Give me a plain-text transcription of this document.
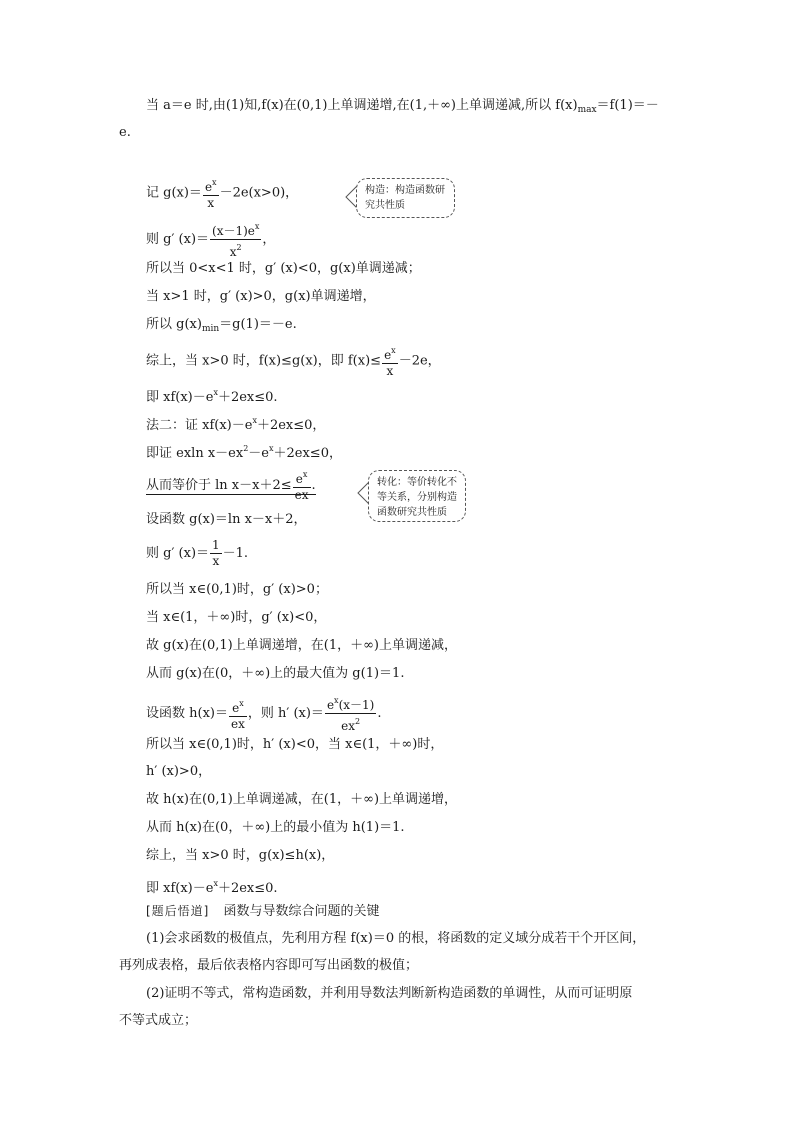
当 a＝e 时,由(1)知,f(x)在(0,1)上单调递增,在(1,＋∞)上单调递减,所以 $f(x)_{max}=f(1)=-$
e.
记 $g(x)= \frac{e^x}{x} -2e(x>0)$，	构造：构造函数研
究共性质
则 g′ $(x)= \frac{(x-1)e^x}{x^2}$ ，
所以当 0<x<1 时，g′ (x)<0，g(x)单调递减；
当 x>1 时，g′ (x)>0，g(x)单调递增，
所以 $g(x)_{min}=g(1)=-e$.
综上，当 x>0 时，f(x)≤g(x)，即 $f(x)\le \frac{e^x}{x} -2e$，
即 $xf(x)-e^x+2ex\le 0$.
法二：证 $xf(x)-e^x+2ex\le 0$，
即证 exln $x-ex^2-e^x+2ex\le 0$，
从而等价于 $\ln x-x+2\le \frac{e^x}{ex}$ .	转化：等价转化不
等关系，分别构造
函数研究共性质
设函数 g(x)＝ln x－x＋2，
则 g′ $(x)= \frac{1}{x} -1$.
所以当 x∈(0,1)时，g′ (x)>0；
当 x∈(1，＋∞)时，g′ (x)<0，
故 g(x)在(0,1)上单调递增，在(1，＋∞)上单调递减，
从而 g(x)在(0，＋∞)上的最大值为 g(1)＝1.
设函数 $h(x)= \frac{e^x}{ex}$ ，则 h′ $(x)= \frac{e^x(x-1)}{ex^2}$ .
所以当 x∈(0,1)时，h′ (x)<0，当 x∈(1，＋∞)时，
h′ (x)>0，
故 h(x)在(0,1)上单调递减，在(1，＋∞)上单调递增，
从而 h(x)在(0，＋∞)上的最小值为 h(1)＝1.
综上，当 x>0 时，g(x)≤h(x)，
即 $xf(x)-e^x+2ex\le 0$.
[题后悟道] 函数与导数综合问题的关键
(1)会求函数的极值点，先利用方程 f(x)＝0 的根，将函数的定义域分成若干个开区间，
再列成表格，最后依表格内容即可写出函数的极值；
(2)证明不等式，常构造函数，并利用导数法判断新构造函数的单调性，从而可证明原
不等式成立；
